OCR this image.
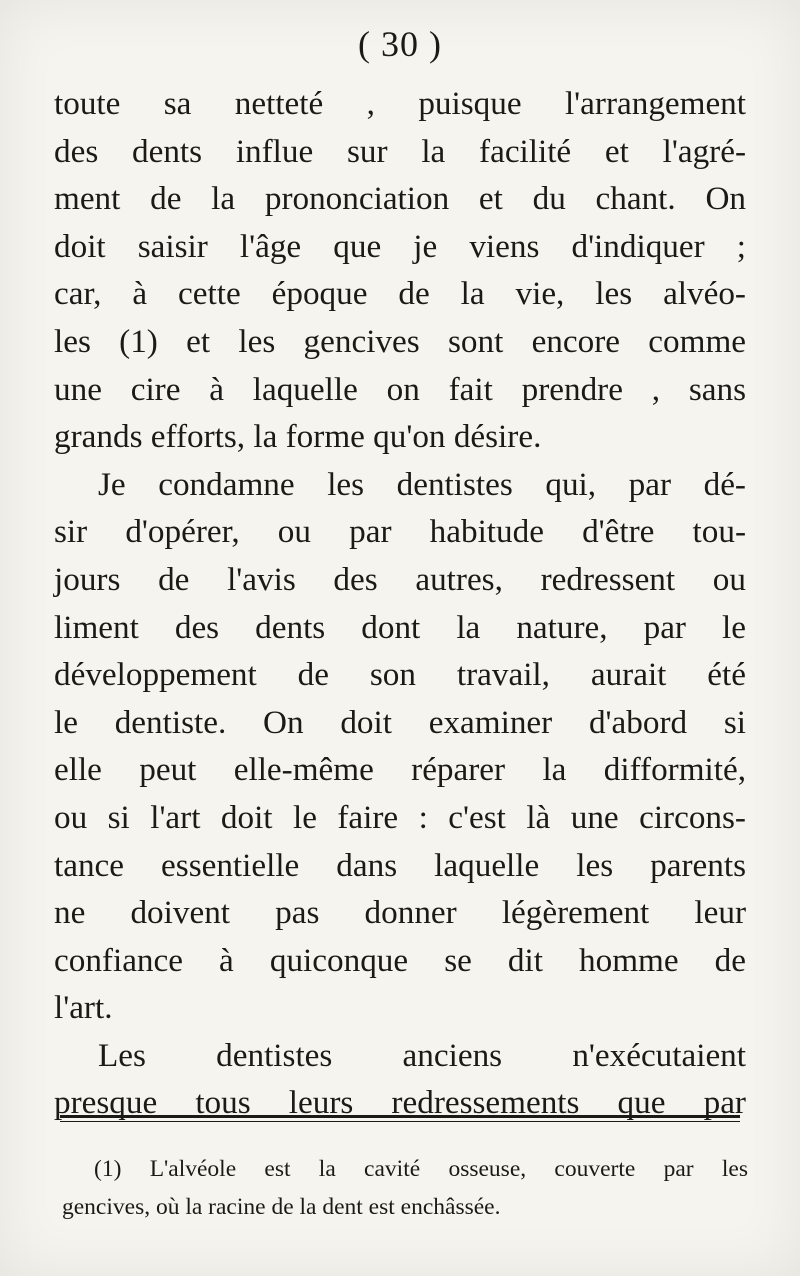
( 30 )
toute sa netteté , puisque l'arrangement
des dents influe sur la facilité et l'agré-
ment de la prononciation et du chant. On
doit saisir l'âge que je viens d'indiquer ;
car, à cette époque de la vie, les alvéo-
les (1) et les gencives sont encore comme
une cire à laquelle on fait prendre , sans
grands efforts, la forme qu'on désire.
Je condamne les dentistes qui, par dé-
sir d'opérer, ou par habitude d'être tou-
jours de l'avis des autres, redressent ou
liment des dents dont la nature, par le
développement de son travail, aurait été
le dentiste. On doit examiner d'abord si
elle peut elle-même réparer la difformité,
ou si l'art doit le faire : c'est là une circons-
tance essentielle dans laquelle les parents
ne doivent pas donner légèrement leur
confiance à quiconque se dit homme de
l'art.
Les dentistes anciens n'exécutaient
presque tous leurs redressements que par
(1) L'alvéole est la cavité osseuse, couverte par les
gencives, où la racine de la dent est enchâssée.
